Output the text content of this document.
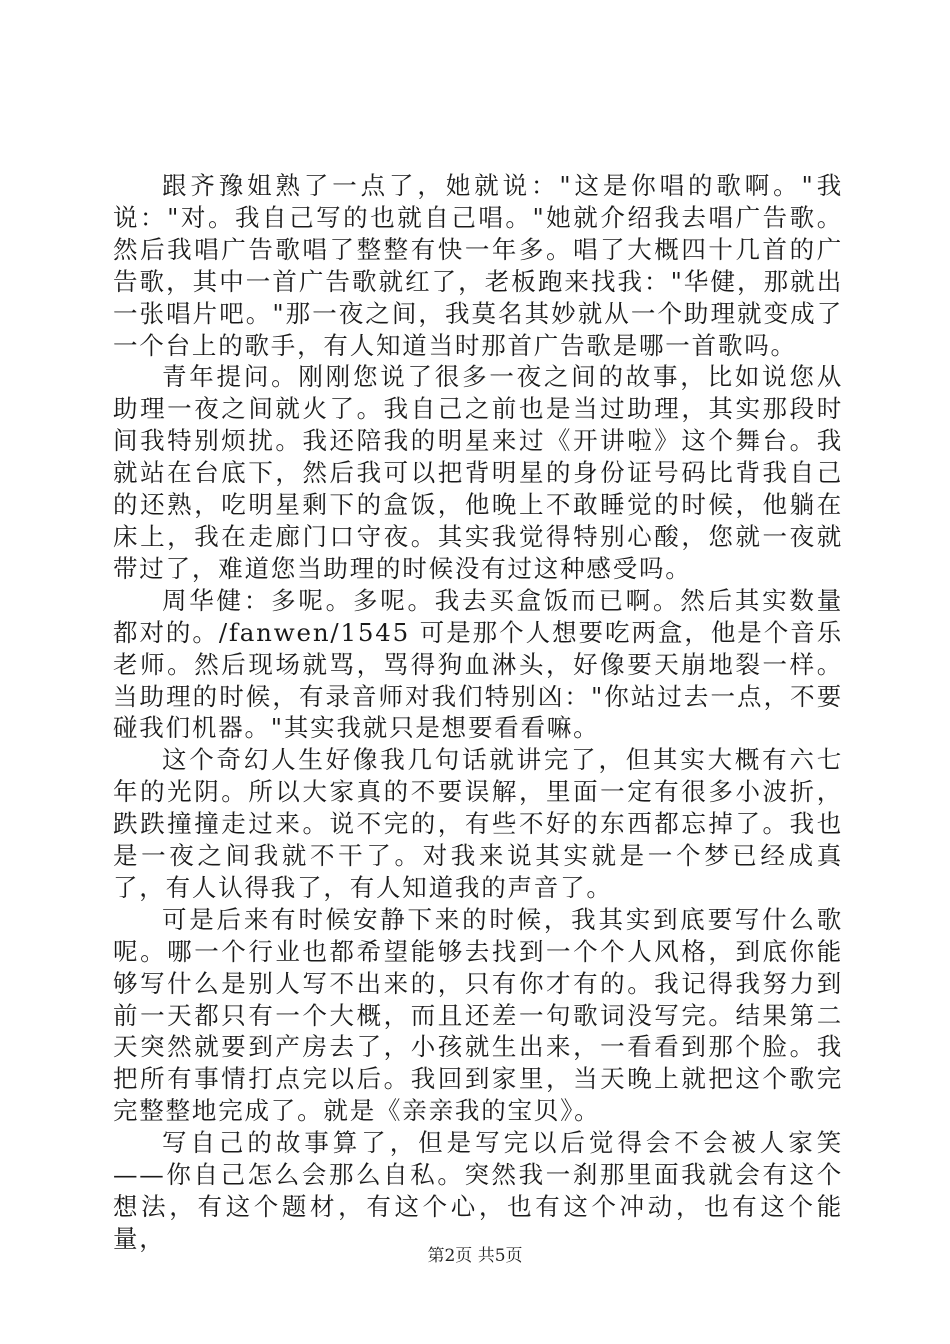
跟齐豫姐熟了一点了，她就说："这是你唱的歌啊。"我说："对。我自己写的也就自己唱。"她就介绍我去唱广告歌。然后我唱广告歌唱了整整有快一年多。唱了大概四十几首的广告歌，其中一首广告歌就红了，老板跑来找我："华健，那就出一张唱片吧。"那一夜之间，我莫名其妙就从一个助理就变成了一个台上的歌手，有人知道当时那首广告歌是哪一首歌吗。

青年提问。刚刚您说了很多一夜之间的故事，比如说您从助理一夜之间就火了。我自己之前也是当过助理，其实那段时间我特别烦扰。我还陪我的明星来过《开讲啦》这个舞台。我就站在台底下，然后我可以把背明星的身份证号码比背我自己的还熟，吃明星剩下的盒饭，他晚上不敢睡觉的时候，他躺在床上，我在走廊门口守夜。其实我觉得特别心酸，您就一夜就带过了，难道您当助理的时候没有过这种感受吗。

周华健：多呢。多呢。我去买盒饭而已啊。然后其实数量都对的。/fanwen/1545 可是那个人想要吃两盒，他是个音乐老师。然后现场就骂，骂得狗血淋头，好像要天崩地裂一样。当助理的时候，有录音师对我们特别凶："你站过去一点，不要碰我们机器。"其实我就只是想要看看嘛。

这个奇幻人生好像我几句话就讲完了，但其实大概有六七年的光阴。所以大家真的不要误解，里面一定有很多小波折，跌跌撞撞走过来。说不完的，有些不好的东西都忘掉了。我也是一夜之间我就不干了。对我来说其实就是一个梦已经成真了，有人认得我了，有人知道我的声音了。

可是后来有时候安静下来的时候，我其实到底要写什么歌呢。哪一个行业也都希望能够去找到一个个人风格，到底你能够写什么是别人写不出来的，只有你才有的。我记得我努力到前一天都只有一个大概，而且还差一句歌词没写完。结果第二天突然就要到产房去了，小孩就生出来，一看看到那个脸。我把所有事情打点完以后。我回到家里，当天晚上就把这个歌完完整整地完成了。就是《亲亲我的宝贝》。

写自己的故事算了，但是写完以后觉得会不会被人家笑——你自己怎么会那么自私。突然我一刹那里面我就会有这个想法，有这个题材，有这个心，也有这个冲动，也有这个能量，

第2页 共5页
